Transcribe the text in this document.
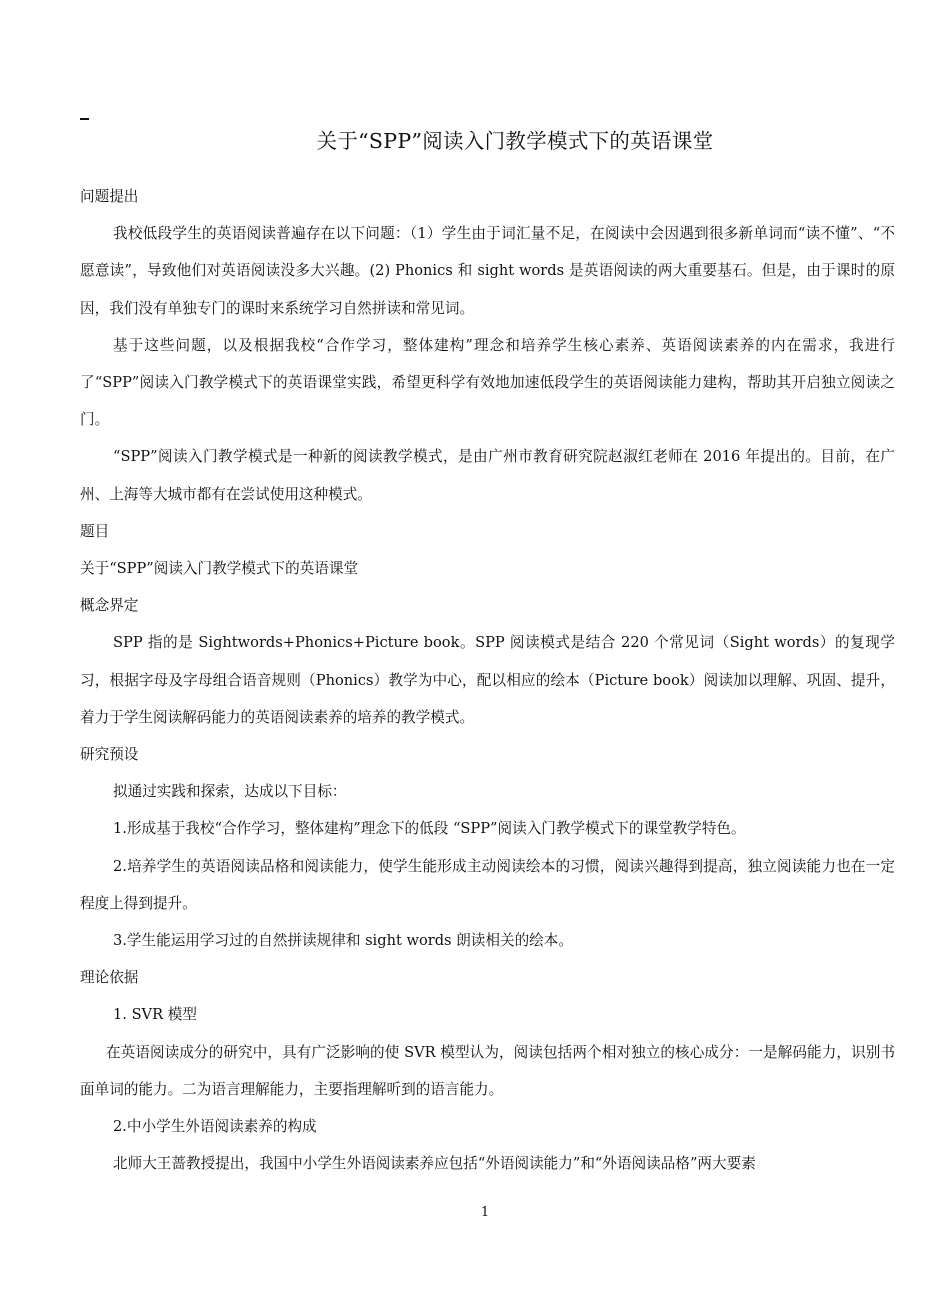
关于“SPP”阅读入门教学模式下的英语课堂

问题提出

我校低段学生的英语阅读普遍存在以下问题：（1）学生由于词汇量不足，在阅读中会因遇到很多新单词而“读不懂”、“不愿意读”，导致他们对英语阅读没多大兴趣。(2) Phonics 和 sight words 是英语阅读的两大重要基石。但是，由于课时的原因，我们没有单独专门的课时来系统学习自然拼读和常见词。

基于这些问题，以及根据我校“合作学习，整体建构”理念和培养学生核心素养、英语阅读素养的内在需求，我进行了“SPP”阅读入门教学模式下的英语课堂实践，希望更科学有效地加速低段学生的英语阅读能力建构，帮助其开启独立阅读之门。

“SPP”阅读入门教学模式是一种新的阅读教学模式，是由广州市教育研究院赵淑红老师在 2016 年提出的。目前，在广州、上海等大城市都有在尝试使用这种模式。

题目

关于“SPP”阅读入门教学模式下的英语课堂

概念界定

SPP 指的是 Sightwords+Phonics+Picture book。SPP 阅读模式是结合 220 个常见词（Sight words）的复现学习，根据字母及字母组合语音规则（Phonics）教学为中心，配以相应的绘本（Picture book）阅读加以理解、巩固、提升，着力于学生阅读解码能力的英语阅读素养的培养的教学模式。

研究预设

拟通过实践和探索，达成以下目标：

1.形成基于我校“合作学习，整体建构”理念下的低段 “SPP”阅读入门教学模式下的课堂教学特色。

2.培养学生的英语阅读品格和阅读能力，使学生能形成主动阅读绘本的习惯，阅读兴趣得到提高，独立阅读能力也在一定程度上得到提升。

3.学生能运用学习过的自然拼读规律和 sight words 朗读相关的绘本。

理论依据

1. SVR 模型

在英语阅读成分的研究中，具有广泛影响的使 SVR 模型认为，阅读包括两个相对独立的核心成分：一是解码能力，识别书面单词的能力。二为语言理解能力，主要指理解听到的语言能力。

2.中小学生外语阅读素养的构成

北师大王蔷教授提出，我国中小学生外语阅读素养应包括“外语阅读能力”和“外语阅读品格”两大要素

1
